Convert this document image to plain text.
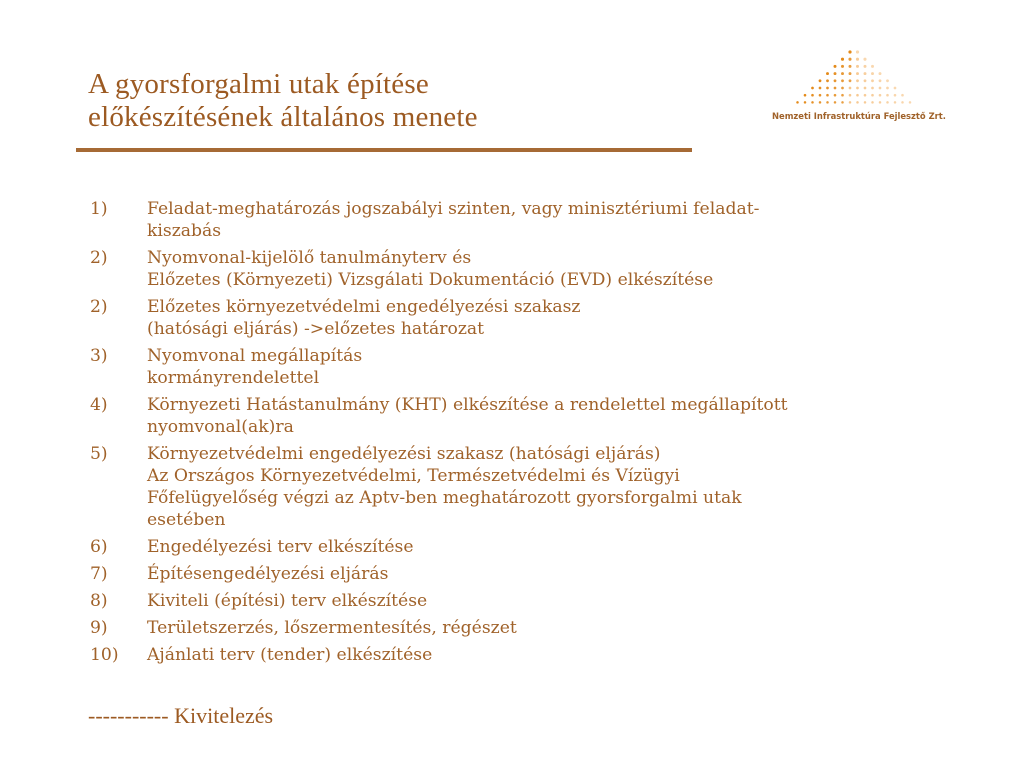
A gyorsforgalmi utak építése
előkészítésének általános menete	Nemzeti Infrastruktúra Fejlesztő Zrt.
1)	Feladat-meghatározás jogszabályi szinten, vagy minisztériumi feladat-
kiszabás
2)	Nyomvonal-kijelölő tanulmányterv és
Előzetes (Környezeti) Vizsgálati Dokumentáció (EVD) elkészítése
2)	Előzetes környezetvédelmi engedélyezési szakasz
(hatósági eljárás) ->előzetes határozat
3)	Nyomvonal megállapítás
kormányrendelettel
4)	Környezeti Hatástanulmány (KHT) elkészítése a rendelettel megállapított
nyomvonal(ak)ra
5)	Környezetvédelmi engedélyezési szakasz (hatósági eljárás)
Az Országos Környezetvédelmi, Természetvédelmi és Vízügyi
Főfelügyelőség végzi az Aptv-ben meghatározott gyorsforgalmi utak
esetében
6)	Engedélyezési terv elkészítése
7)	Építésengedélyezési eljárás
8)	Kiviteli (építési) terv elkészítése
9)	Területszerzés, lőszermentesítés, régészet
10)	Ajánlati terv (tender) elkészítése
----------- Kivitelezés
